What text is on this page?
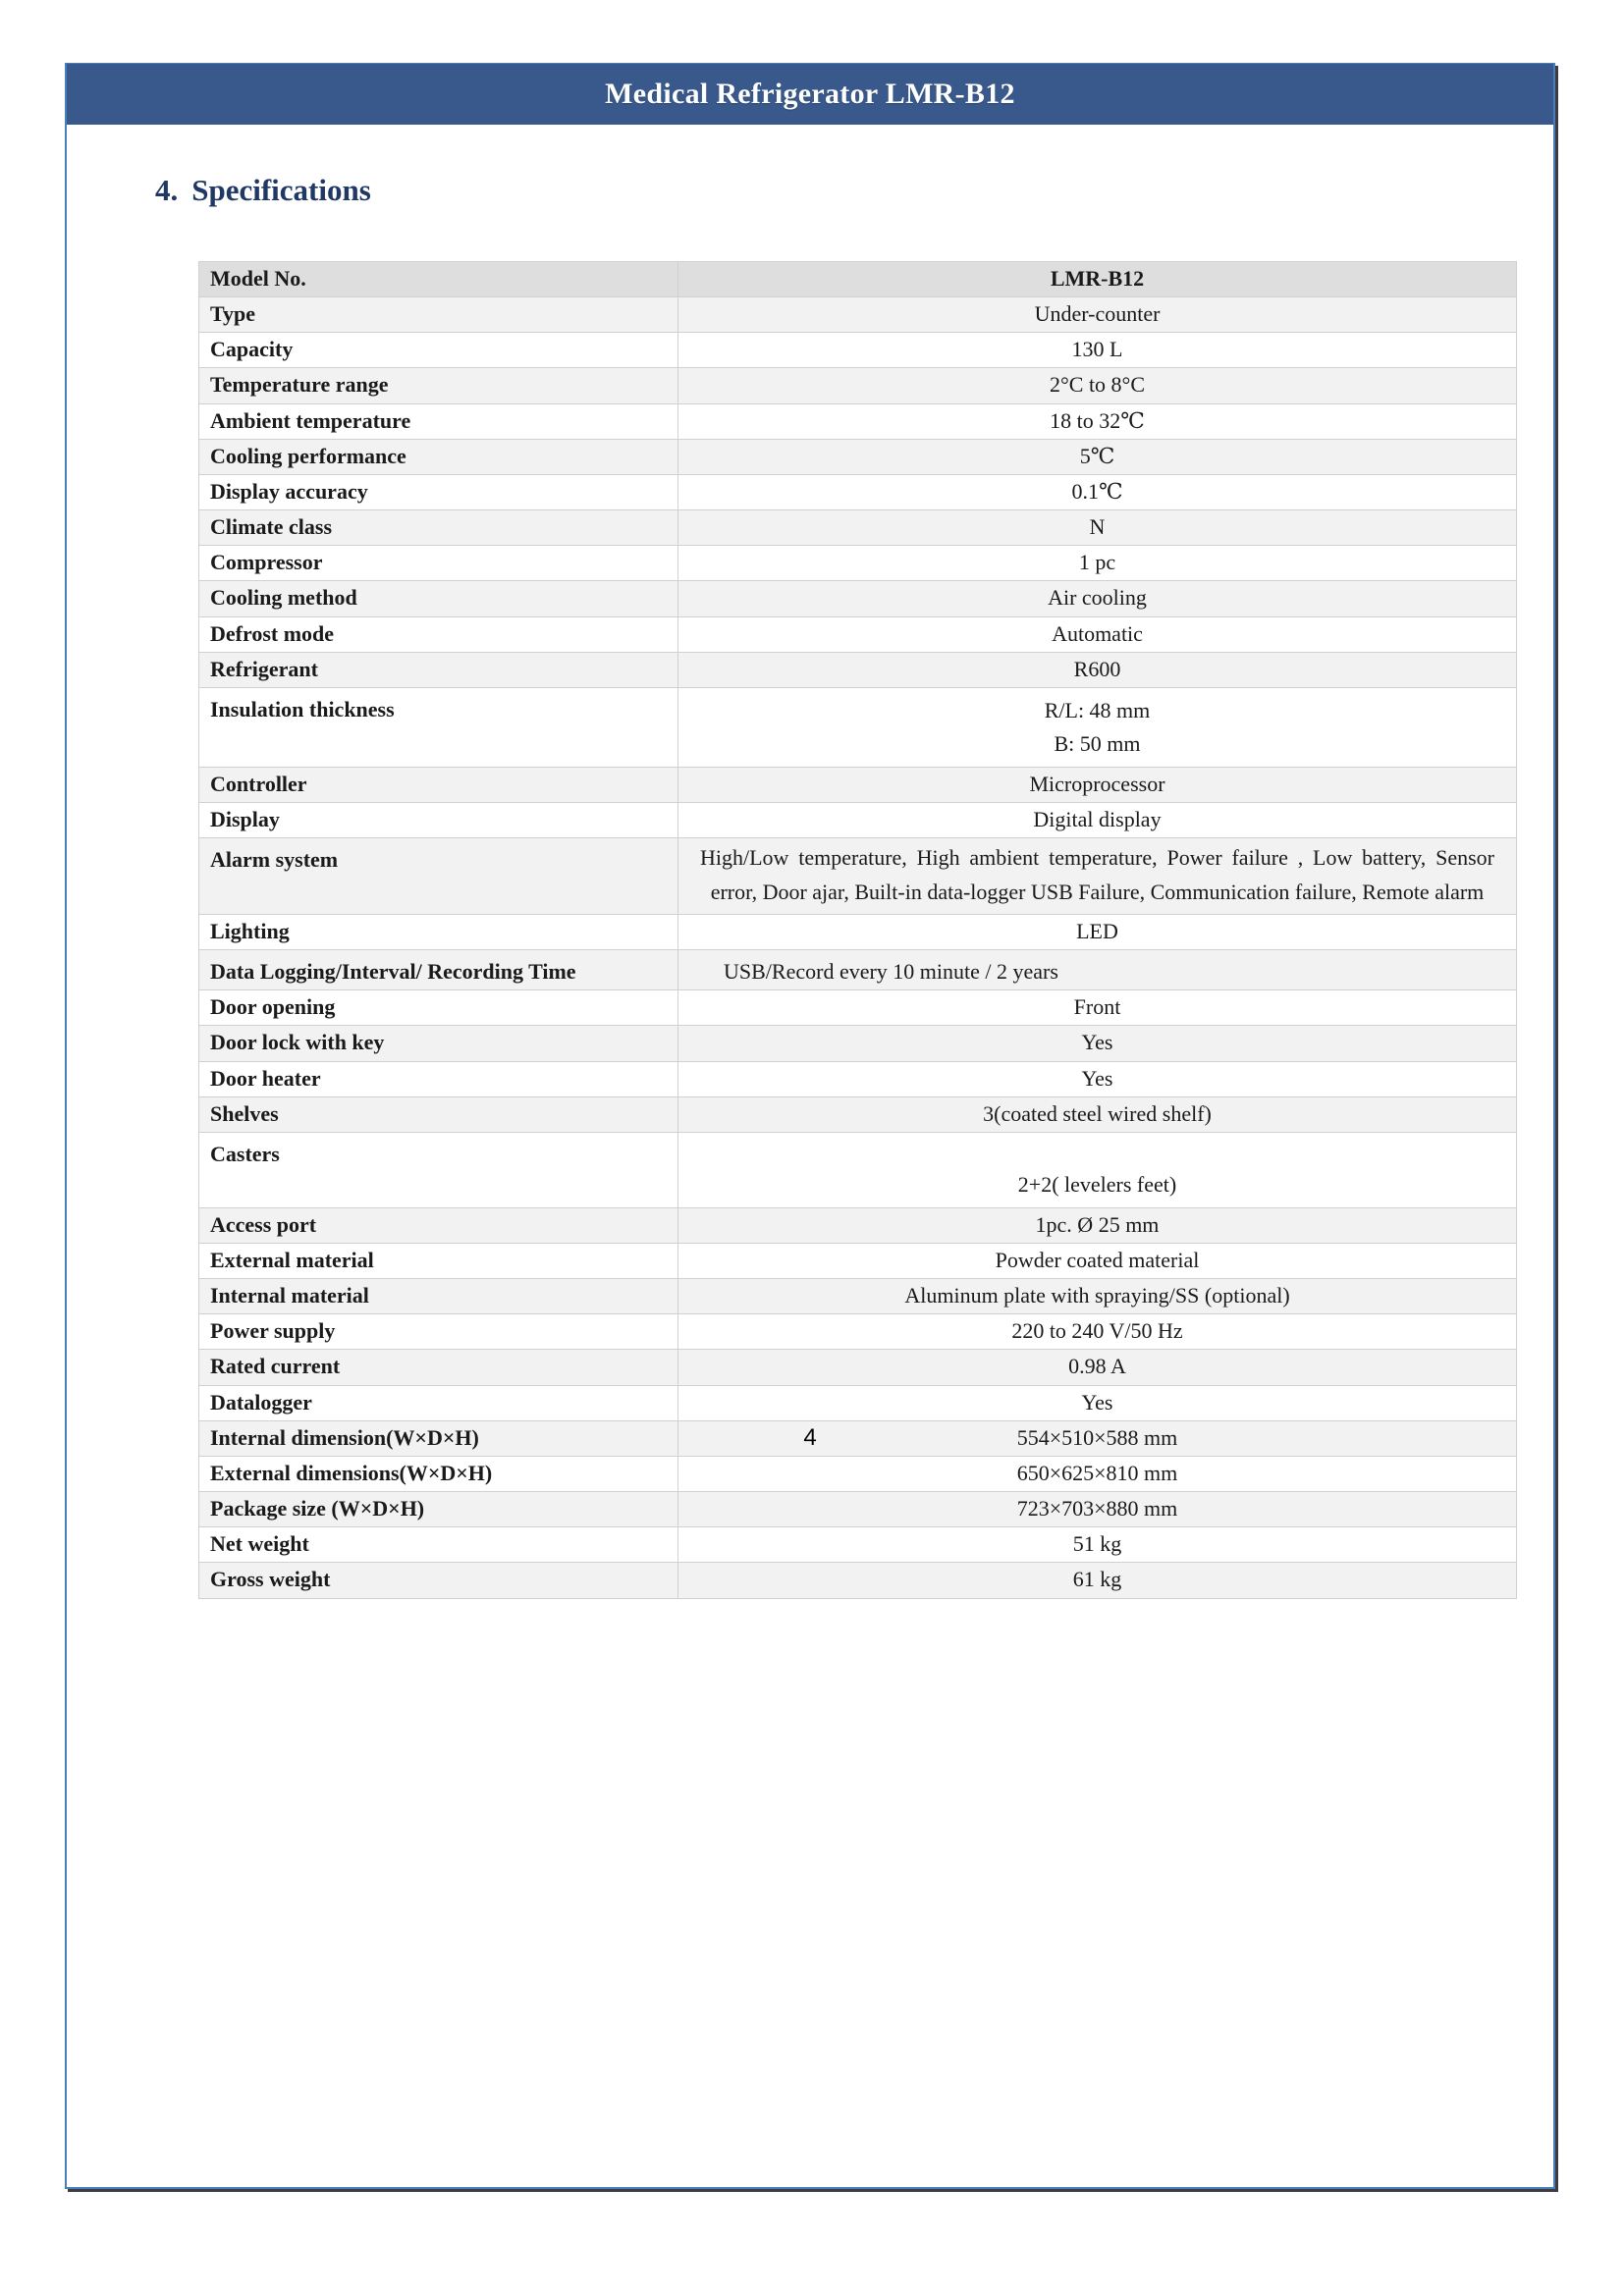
Medical Refrigerator LMR-B12
4. Specifications
Model No.	LMR-B12
Type	Under-counter
Capacity	130 L
Temperature range	2°C to 8°C
Ambient temperature	18 to 32℃
Cooling performance	5℃
Display accuracy	0.1℃
Climate class	N
Compressor	1 pc
Cooling method	Air cooling
Defrost mode	Automatic
Refrigerant	R600
Insulation thickness	R/L: 48 mm
B: 50 mm
Controller	Microprocessor
Display	Digital display
Alarm system	High/Low temperature, High ambient temperature, Power failure , Low battery, Sensor error, Door ajar, Built-in data-logger USB Failure, Communication failure, Remote alarm
Lighting	LED
Data Logging/Interval/ Recording Time	USB/Record every 10 minute / 2 years
Door opening	Front
Door lock with key	Yes
Door heater	Yes
Shelves	3(coated steel wired shelf)
Casters	2+2( levelers feet)
Access port	1pc. Ø 25 mm
External material	Powder coated material
Internal material	Aluminum plate with spraying/SS (optional)
Power supply	220 to 240 V/50 Hz
Rated current	0.98 A
Datalogger	Yes
Internal dimension(W×D×H)	554×510×588 mm
External dimensions(W×D×H)	650×625×810 mm
Package size (W×D×H)	723×703×880 mm
Net weight	51 kg
Gross weight	61 kg
4
